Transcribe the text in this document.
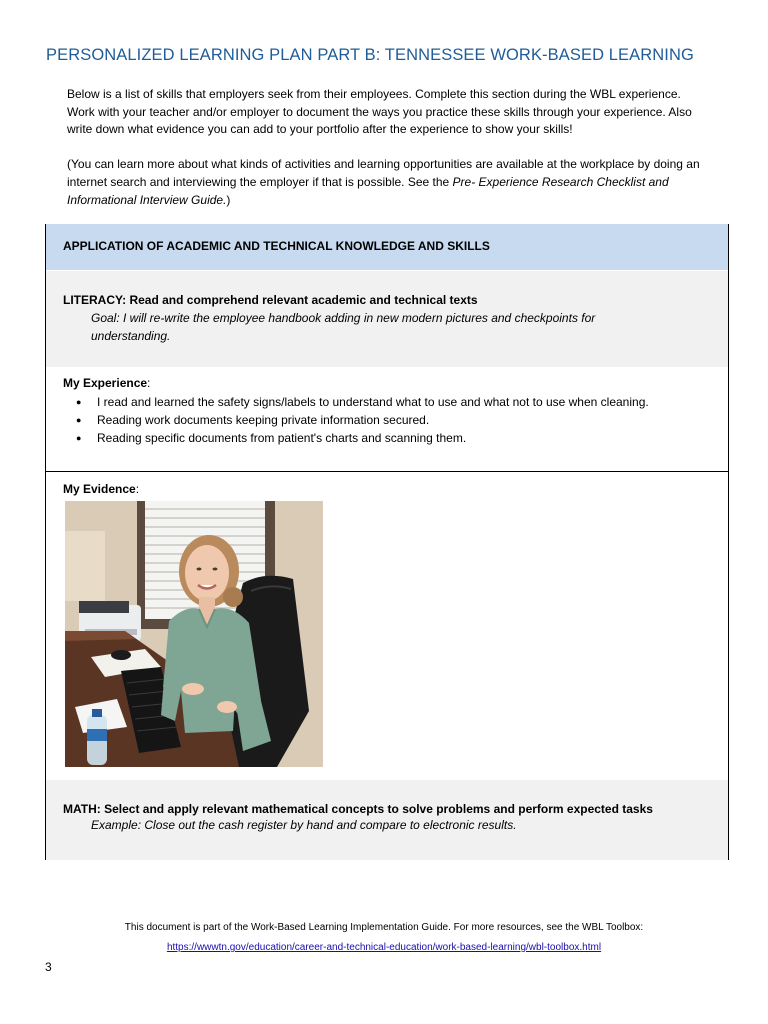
PERSONALIZED LEARNING PLAN PART B: TENNESSEE WORK-BASED LEARNING

Below is a list of skills that employers seek from their employees. Complete this section during the WBL experience. Work with your teacher and/or employer to document the ways you practice these skills through your experience. Also write down what evidence you can add to your portfolio after the experience to show your skills!

(You can learn more about what kinds of activities and learning opportunities are available at the workplace by doing an internet search and interviewing the employer if that is possible. See the Pre- Experience Research Checklist and Informational Interview Guide.)

APPLICATION OF ACADEMIC AND TECHNICAL KNOWLEDGE AND SKILLS
LITERACY: Read and comprehend relevant academic and technical texts
Goal: I will re-write the employee handbook adding in new modern pictures and checkpoints for understanding.
My Experience:
● I read and learned the safety signs/labels to understand what to use and what not to use when cleaning.
● Reading work documents keeping private information secured.
● Reading specific documents from patient's charts and scanning them.
My Evidence:
MATH: Select and apply relevant mathematical concepts to solve problems and perform expected tasks
Example: Close out the cash register by hand and compare to electronic results.
This document is part of the Work-Based Learning Implementation Guide. For more resources, see the WBL Toolbox:
https://wwwtn.gov/education/career-and-technical-education/work-based-learning/wbl-toolbox.html
3
